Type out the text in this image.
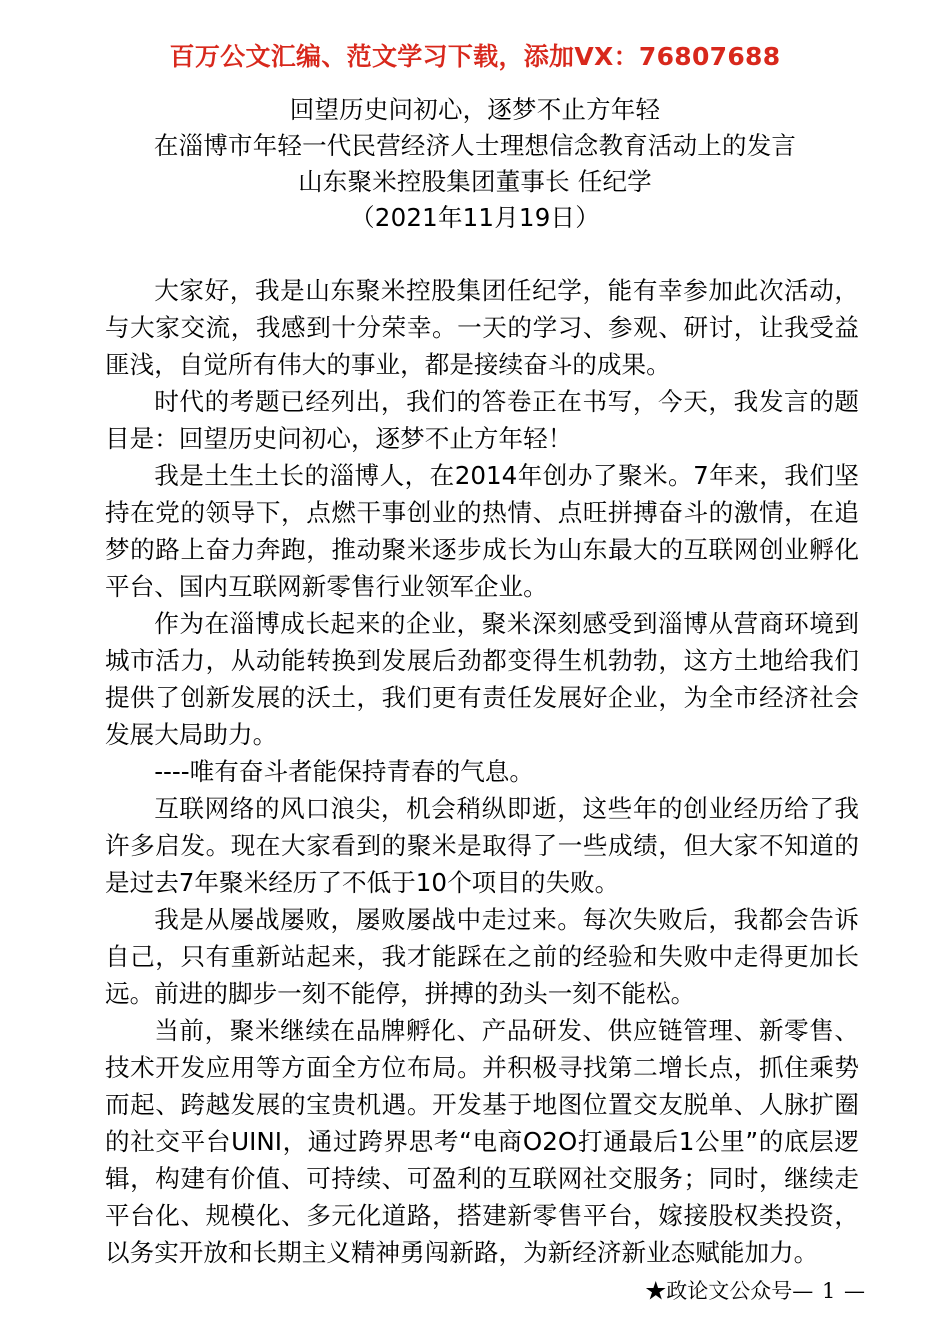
百万公文汇编、范文学习下载，添加VX：76807688
回望历史问初心，逐梦不止方年轻
在淄博市年轻一代民营经济人士理想信念教育活动上的发言
山东聚米控股集团董事长 任纪学
（2021年11月19日）

大家好，我是山东聚米控股集团任纪学，能有幸参加此次活动，与大家交流，我感到十分荣幸。一天的学习、参观、研讨，让我受益匪浅，自觉所有伟大的事业，都是接续奋斗的成果。

时代的考题已经列出，我们的答卷正在书写，今天，我发言的题目是：回望历史问初心，逐梦不止方年轻！

我是土生土长的淄博人，在2014年创办了聚米。7年来，我们坚持在党的领导下，点燃干事创业的热情、点旺拼搏奋斗的激情，在追梦的路上奋力奔跑，推动聚米逐步成长为山东最大的互联网创业孵化平台、国内互联网新零售行业领军企业。

作为在淄博成长起来的企业，聚米深刻感受到淄博从营商环境到城市活力，从动能转换到发展后劲都变得生机勃勃，这方土地给我们提供了创新发展的沃土，我们更有责任发展好企业，为全市经济社会发展大局助力。

----唯有奋斗者能保持青春的气息。

互联网络的风口浪尖，机会稍纵即逝，这些年的创业经历给了我许多启发。现在大家看到的聚米是取得了一些成绩，但大家不知道的是过去7年聚米经历了不低于10个项目的失败。

我是从屡战屡败，屡败屡战中走过来。每次失败后，我都会告诉自己，只有重新站起来，我才能踩在之前的经验和失败中走得更加长远。前进的脚步一刻不能停，拼搏的劲头一刻不能松。

当前，聚米继续在品牌孵化、产品研发、供应链管理、新零售、技术开发应用等方面全方位布局。并积极寻找第二增长点，抓住乘势而起、跨越发展的宝贵机遇。开发基于地图位置交友脱单、人脉扩圈的社交平台UINI，通过跨界思考“电商O2O打通最后1公里”的底层逻辑，构建有价值、可持续、可盈利的互联网社交服务；同时，继续走平台化、规模化、多元化道路，搭建新零售平台，嫁接股权类投资，以务实开放和长期主义精神勇闯新路，为新经济新业态赋能加力。

★政论文公众号— 1 —
